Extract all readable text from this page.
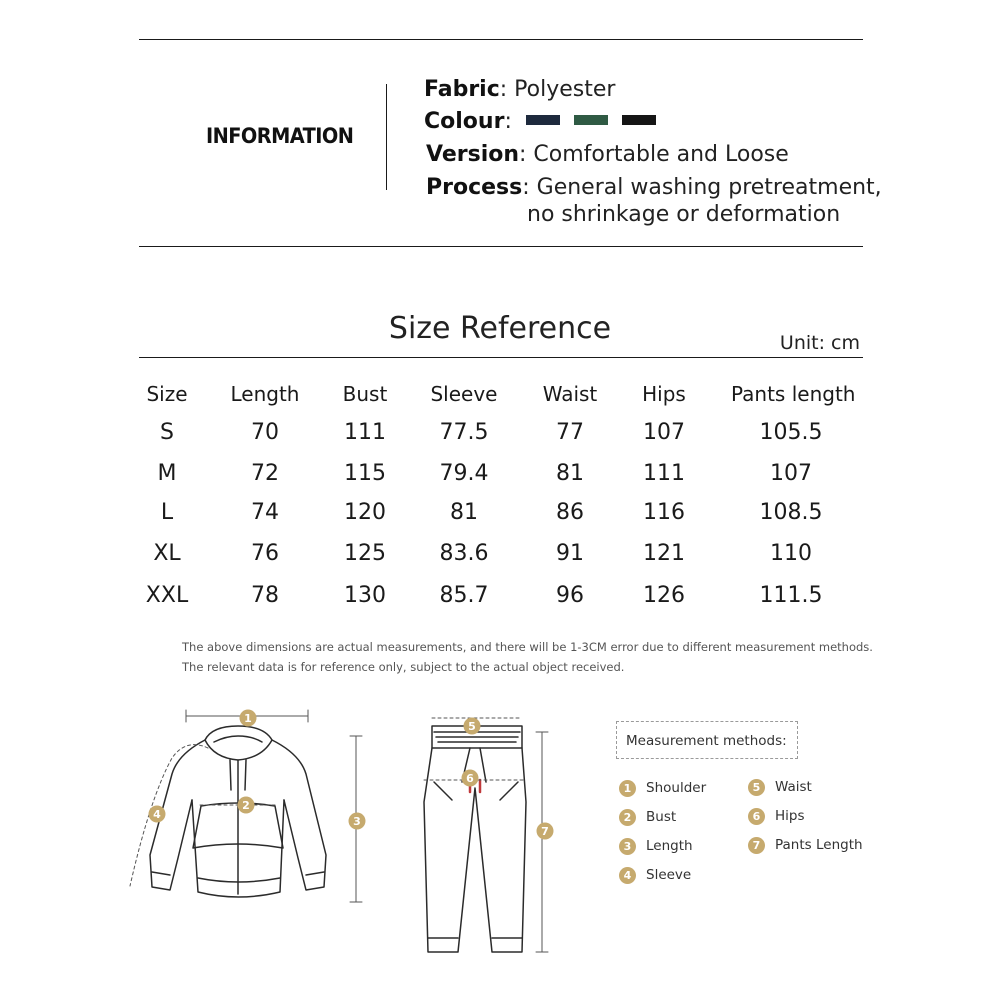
INFORMATION
Fabric: Polyester
Colour:
Version: Comfortable and Loose
Process: General washing pretreatment,
no shrinkage or deformation
Size Reference	Unit: cm
Size	Length	Bust	Sleeve	Waist	Hips	Pants length
S	70	111	77.5	77	107	105.5
M	72	115	79.4	81	111	107
L	74	120	81	86	116	108.5
XL	76	125	83.6	91	121	110
XXL	78	130	85.7	96	126	111.5
The above dimensions are actual measurements, and there will be 1-3CM error due to different measurement methods.
The relevant data is for reference only, subject to the actual object received.
1
2
3
4
5
6
7
Measurement methods:
1	Shoulder
2	Bust
3	Length
4	Sleeve
5	Waist
6	Hips
7	Pants Length
